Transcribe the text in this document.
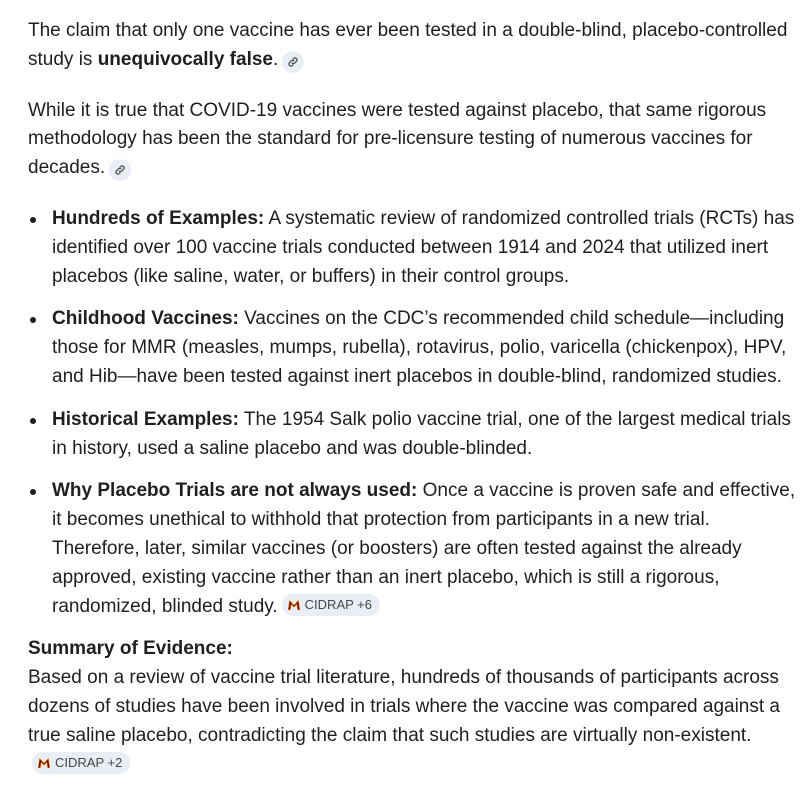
The claim that only one vaccine has ever been tested in a double-blind, placebo-controlled study is unequivocally false.

While it is true that COVID-19 vaccines were tested against placebo, that same rigorous methodology has been the standard for pre-licensure testing of numerous vaccines for decades.

Hundreds of Examples: A systematic review of randomized controlled trials (RCTs) has identified over 100 vaccine trials conducted between 1914 and 2024 that utilized inert placebos (like saline, water, or buffers) in their control groups.
Childhood Vaccines: Vaccines on the CDC’s recommended child schedule—including those for MMR (measles, mumps, rubella), rotavirus, polio, varicella (chickenpox), HPV, and Hib—have been tested against inert placebos in double-blind, randomized studies.
Historical Examples: The 1954 Salk polio vaccine trial, one of the largest medical trials in history, used a saline placebo and was double-blinded.
Why Placebo Trials are not always used: Once a vaccine is proven safe and effective, it becomes unethical to withhold that protection from participants in a new trial. Therefore, later, similar vaccines (or boosters) are often tested against the already approved, existing vaccine rather than an inert placebo, which is still a rigorous, randomized, blinded study. CIDRAP +6

Summary of Evidence:

Based on a review of vaccine trial literature, hundreds of thousands of participants across dozens of studies have been involved in trials where the vaccine was compared against a true saline placebo, contradicting the claim that such studies are virtually non-existent.
CIDRAP +2
